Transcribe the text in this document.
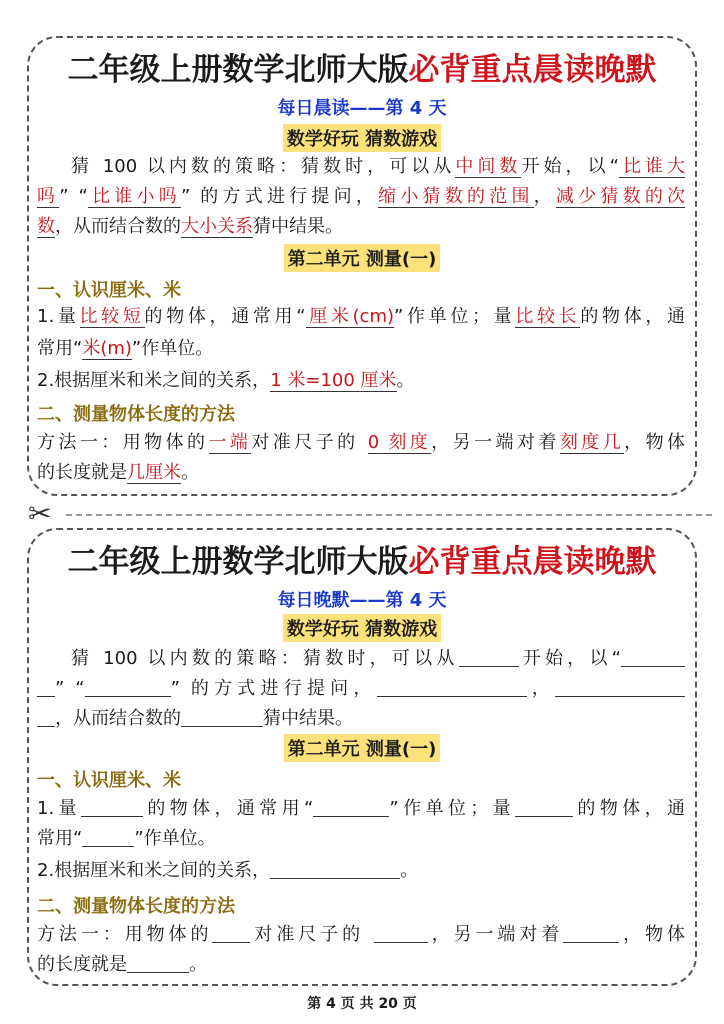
二年级上册数学北师大版必背重点晨读晚默
每日晨读——第 4 天
数学好玩 猜数游戏
猜 100 以内数的策略：猜数时，可以从中间数开始，以“比谁大
吗” “比谁小吗” 的方式进行提问，缩小猜数的范围，减少猜数的次
数，从而结合数的大小关系猜中结果。
第二单元 测量(一)
一、认识厘米、米
1.量比较短的物体，通常用“厘米(cm)”作单位；量比较长的物体，通
常用“米(m)”作单位。
2.根据厘米和米之间的关系，1 米=100 厘米。
二、测量物体长度的方法
方法一：用物体的一端对准尺子的 0 刻度，另一端对着刻度几，物体
的长度就是几厘米。
✂
二年级上册数学北师大版必背重点晨读晚默
每日晚默——第 4 天
数学好玩 猜数游戏
猜 100 以内数的策略：猜数时，可以从	开始，以“
” “	” 的方式进行提问，	，
，从而结合数的	猜中结果。
第二单元 测量(一)
一、认识厘米、米
1.量	的物体，通常用“	”作单位；量	的物体，通
常用“	”作单位。
2.根据厘米和米之间的关系，	。
二、测量物体长度的方法
方法一：用物体的 对准尺子的	，另一端对着	，物体
的长度就是	。
第 4 页 共 20 页
